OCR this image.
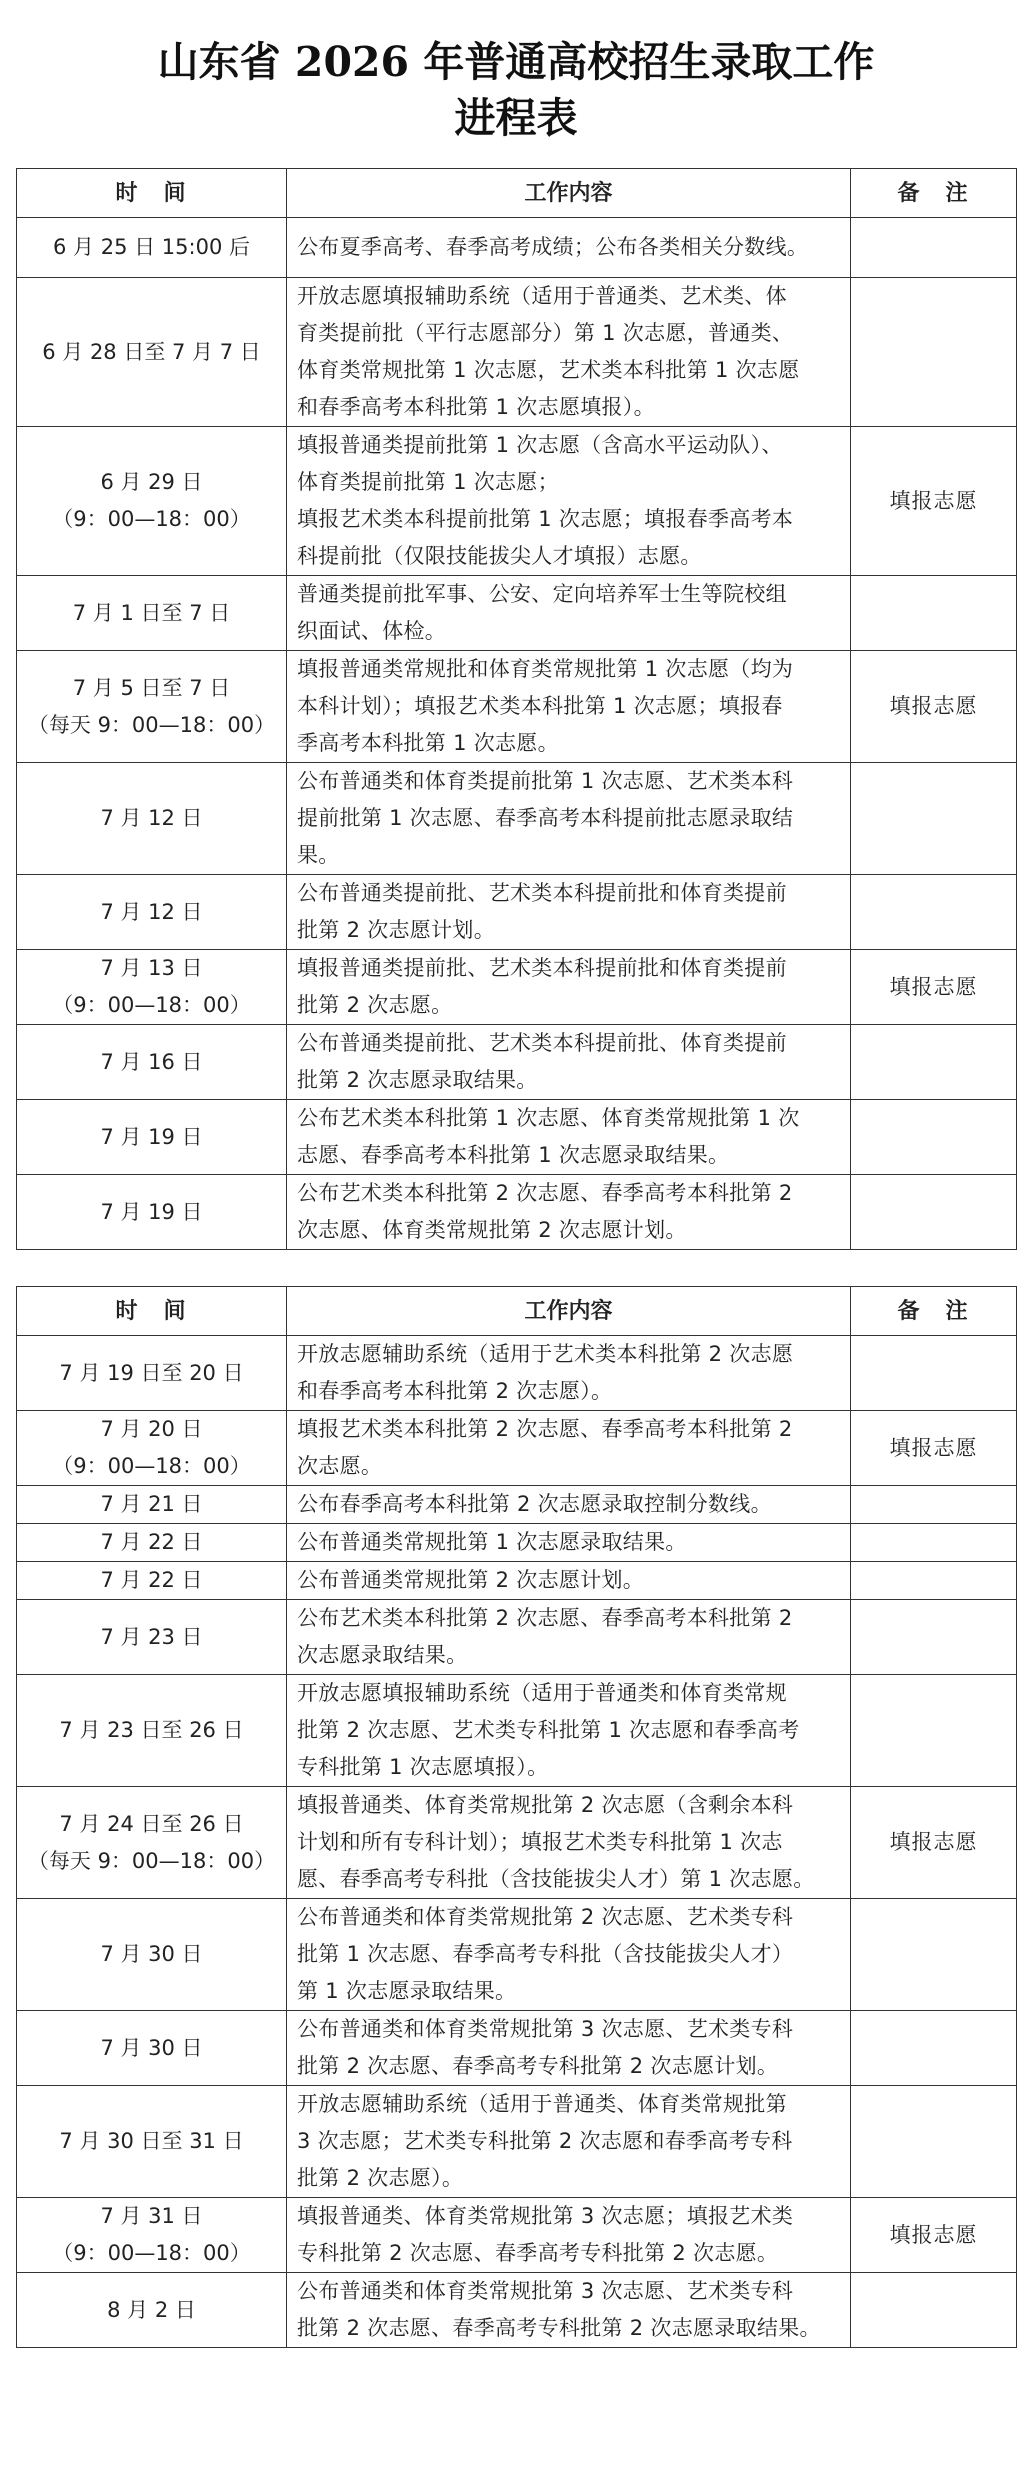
山东省 2026 年普通高校招生录取工作
进程表
时　间	工作内容	备　注
6 月 25 日 15:00 后	公布夏季高考、春季高考成绩；公布各类相关分数线。	
6 月 28 日至 7 月 7 日	开放志愿填报辅助系统（适用于普通类、艺术类、体
育类提前批（平行志愿部分）第 1 次志愿，普通类、
体育类常规批第 1 次志愿，艺术类本科批第 1 次志愿
和春季高考本科批第 1 次志愿填报）。	
6 月 29 日
（9：00—18：00）	填报普通类提前批第 1 次志愿（含高水平运动队）、
体育类提前批第 1 次志愿；
填报艺术类本科提前批第 1 次志愿；填报春季高考本
科提前批（仅限技能拔尖人才填报）志愿。	填报志愿
7 月 1 日至 7 日	普通类提前批军事、公安、定向培养军士生等院校组
织面试、体检。	
7 月 5 日至 7 日
（每天 9：00—18：00）	填报普通类常规批和体育类常规批第 1 次志愿（均为
本科计划）；填报艺术类本科批第 1 次志愿；填报春
季高考本科批第 1 次志愿。	填报志愿
7 月 12 日	公布普通类和体育类提前批第 1 次志愿、艺术类本科
提前批第 1 次志愿、春季高考本科提前批志愿录取结
果。	
7 月 12 日	公布普通类提前批、艺术类本科提前批和体育类提前
批第 2 次志愿计划。	
7 月 13 日
（9：00—18：00）	填报普通类提前批、艺术类本科提前批和体育类提前
批第 2 次志愿。	填报志愿
7 月 16 日	公布普通类提前批、艺术类本科提前批、体育类提前
批第 2 次志愿录取结果。	
7 月 19 日	公布艺术类本科批第 1 次志愿、体育类常规批第 1 次
志愿、春季高考本科批第 1 次志愿录取结果。	
7 月 19 日	公布艺术类本科批第 2 次志愿、春季高考本科批第 2
次志愿、体育类常规批第 2 次志愿计划。	
时　间	工作内容	备　注
7 月 19 日至 20 日	开放志愿辅助系统（适用于艺术类本科批第 2 次志愿
和春季高考本科批第 2 次志愿）。	
7 月 20 日
（9：00—18：00）	填报艺术类本科批第 2 次志愿、春季高考本科批第 2
次志愿。	填报志愿
7 月 21 日	公布春季高考本科批第 2 次志愿录取控制分数线。	
7 月 22 日	公布普通类常规批第 1 次志愿录取结果。	
7 月 22 日	公布普通类常规批第 2 次志愿计划。	
7 月 23 日	公布艺术类本科批第 2 次志愿、春季高考本科批第 2
次志愿录取结果。	
7 月 23 日至 26 日	开放志愿填报辅助系统（适用于普通类和体育类常规
批第 2 次志愿、艺术类专科批第 1 次志愿和春季高考
专科批第 1 次志愿填报）。	
7 月 24 日至 26 日
（每天 9：00—18：00）	填报普通类、体育类常规批第 2 次志愿（含剩余本科
计划和所有专科计划）；填报艺术类专科批第 1 次志
愿、春季高考专科批（含技能拔尖人才）第 1 次志愿。	填报志愿
7 月 30 日	公布普通类和体育类常规批第 2 次志愿、艺术类专科
批第 1 次志愿、春季高考专科批（含技能拔尖人才）
第 1 次志愿录取结果。	
7 月 30 日	公布普通类和体育类常规批第 3 次志愿、艺术类专科
批第 2 次志愿、春季高考专科批第 2 次志愿计划。	
7 月 30 日至 31 日	开放志愿辅助系统（适用于普通类、体育类常规批第
3 次志愿；艺术类专科批第 2 次志愿和春季高考专科
批第 2 次志愿）。	
7 月 31 日
（9：00—18：00）	填报普通类、体育类常规批第 3 次志愿；填报艺术类
专科批第 2 次志愿、春季高考专科批第 2 次志愿。	填报志愿
8 月 2 日	公布普通类和体育类常规批第 3 次志愿、艺术类专科
批第 2 次志愿、春季高考专科批第 2 次志愿录取结果。	
